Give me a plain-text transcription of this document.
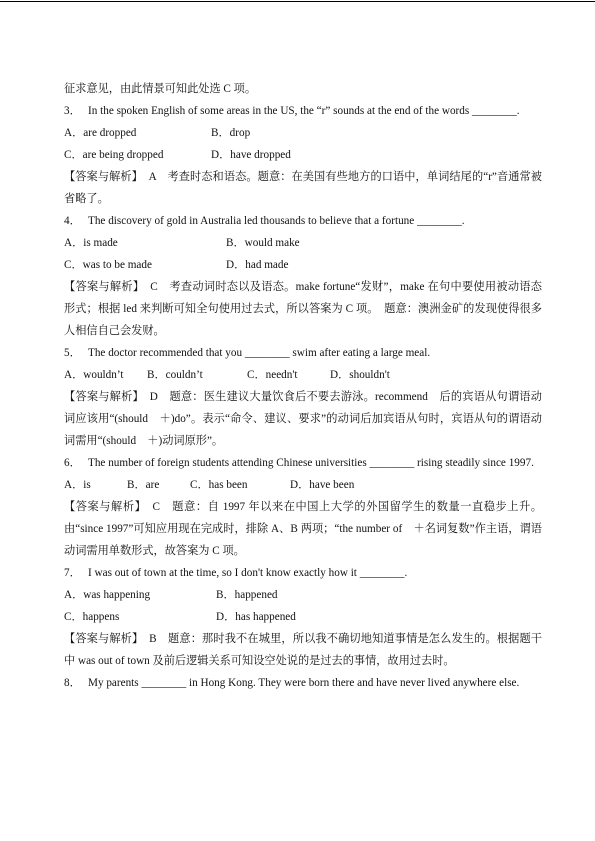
征求意见，由此情景可知此处选 C 项。
3． In the spoken English of some areas in the US, the “r” sounds at the end of the words ________.
A．are dropped	B．drop
C．are being dropped	D．have dropped
【答案与解析】　A　考查时态和语态。题意：在美国有些地方的口语中，单词结尾的“r”音通常被省略了。
4． The discovery of gold in Australia led thousands to believe that a fortune ________.
A．is made	B．would make
C．was to be made	D．had made
【答案与解析】　C　考查动词时态以及语态。make fortune“发财”，make 在句中要使用被动语态形式；根据 led 来判断可知全句使用过去式，所以答案为 C 项。　题意：澳洲金矿的发现使得很多人相信自己会发财。
5． The doctor recommended that you ________ swim after eating a large meal.
A．wouldn’t	B．couldn’t	C．needn't	D．shouldn't
【答案与解析】　D　题意：医生建议大量饮食后不要去游泳。recommend　后的宾语从句谓语动词应该用“(should　＋)do”。表示“命令、建议、要求”的动词后加宾语从句时，宾语从句的谓语动词需用“(should　＋)动词原形”。
6． The number of foreign students attending Chinese universities ________ rising steadily since 1997.
A．is	B．are	C．has been	D．have been
【答案与解析】　C　题意：自 1997 年以来在中国上大学的外国留学生的数量一直稳步上升。由“since 1997”可知应用现在完成时，排除 A、B 两项；“the number of　＋名词复数”作主语，谓语动词需用单数形式，故答案为 C 项。
7． I was out of town at the time, so I don't know exactly how it ________.
A．was happening	B．happened
C．happens	D．has happened
【答案与解析】　B　题意：那时我不在城里，所以我不确切地知道事情是怎么发生的。根据题干中 was out of town 及前后逻辑关系可知设空处说的是过去的事情，故用过去时。
8． My parents ________ in Hong Kong. They were born there and have never lived anywhere else.
